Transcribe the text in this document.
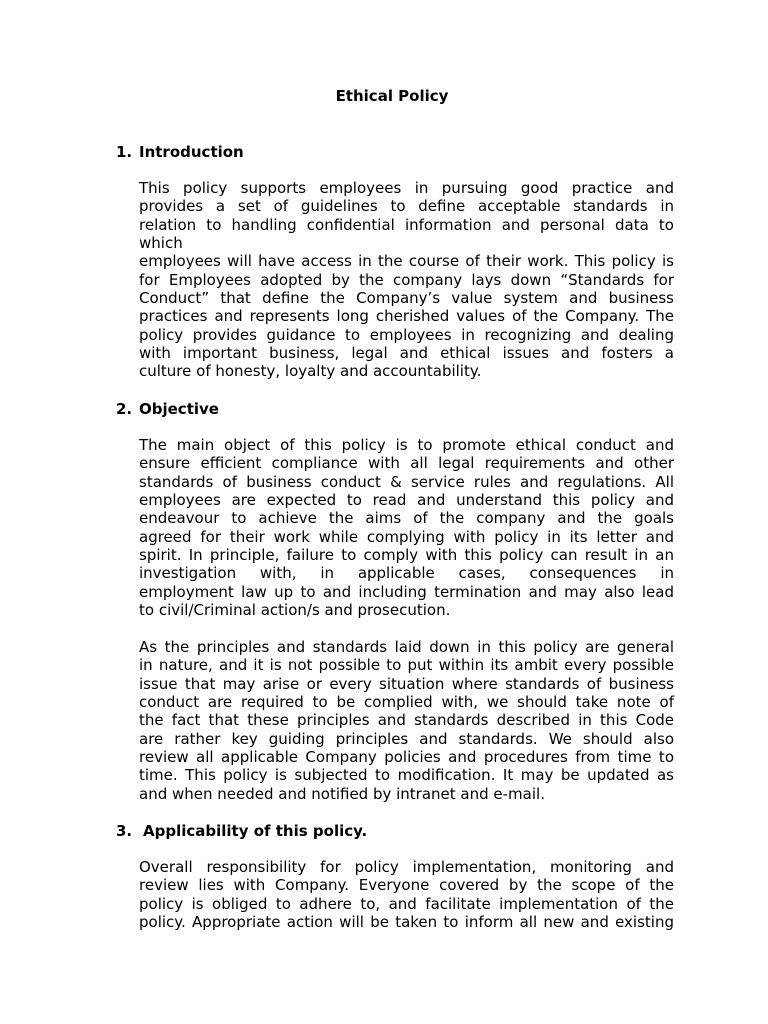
Ethical Policy
1. Introduction
This policy supports employees in pursuing good practice and
provides a set of guidelines to define acceptable standards in
relation to handling confidential information and personal data to
which
employees will have access in the course of their work. This policy is
for Employees adopted by the company lays down “Standards for
Conduct” that define the Company’s value system and business
practices and represents long cherished values of the Company. The
policy provides guidance to employees in recognizing and dealing
with important business, legal and ethical issues and fosters a
culture of honesty, loyalty and accountability.
2. Objective
The main object of this policy is to promote ethical conduct and
ensure efficient compliance with all legal requirements and other
standards of business conduct & service rules and regulations. All
employees are expected to read and understand this policy and
endeavour to achieve the aims of the company and the goals
agreed for their work while complying with policy in its letter and
spirit. In principle, failure to comply with this policy can result in an
investigation with, in applicable cases, consequences in
employment law up to and including termination and may also lead
to civil/Criminal action/s and prosecution.
As the principles and standards laid down in this policy are general
in nature, and it is not possible to put within its ambit every possible
issue that may arise or every situation where standards of business
conduct are required to be complied with, we should take note of
the fact that these principles and standards described in this Code
are rather key guiding principles and standards. We should also
review all applicable Company policies and procedures from time to
time. This policy is subjected to modification. It may be updated as
and when needed and notified by intranet and e-mail.
3. Applicability of this policy.
Overall responsibility for policy implementation, monitoring and
review lies with Company. Everyone covered by the scope of the
policy is obliged to adhere to, and facilitate implementation of the
policy. Appropriate action will be taken to inform all new and existing
